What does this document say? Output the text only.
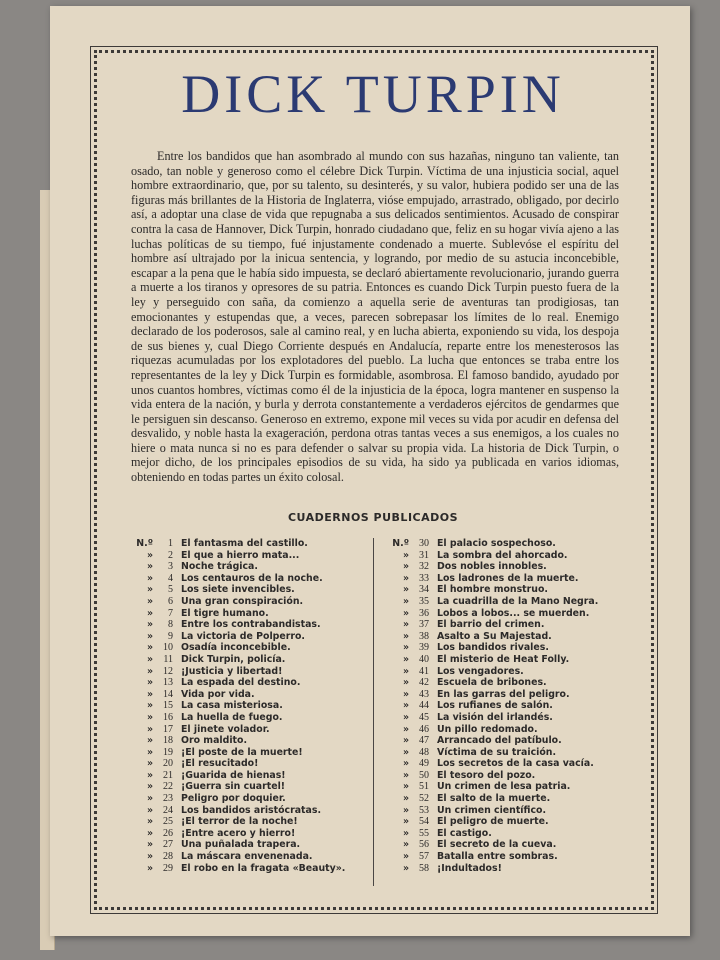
DICK TURPIN

Entre los bandidos que han asombrado al mundo con sus hazañas, ninguno tan valiente, tan osado, tan noble y generoso como el célebre Dick Turpin. Víctima de una injusticia social, aquel hombre extraordinario, que, por su talento, su desinterés, y su valor, hubiera podido ser una de las figuras más brillantes de la Historia de Inglaterra, vióse empujado, arrastrado, obligado, por decirlo así, a adoptar una clase de vida que repugnaba a sus delicados sentimientos. Acusado de conspirar contra la casa de Hannover, Dick Turpin, honrado ciudadano que, feliz en su hogar vivía ajeno a las luchas políticas de su tiempo, fué injustamente condenado a muerte. Sublevóse el espíritu del hombre así ultrajado por la inicua sentencia, y logrando, por medio de su astucia inconcebible, escapar a la pena que le había sido impuesta, se declaró abiertamente revolucionario, jurando guerra a muerte a los tiranos y opresores de su patria. Entonces es cuando Dick Turpin puesto fuera de la ley y perseguido con saña, da comienzo a aquella serie de aventuras tan prodigiosas, tan emocionantes y estupendas que, a veces, parecen sobrepasar los límites de lo real. Enemigo declarado de los poderosos, sale al camino real, y en lucha abierta, exponiendo su vida, los despoja de sus bienes y, cual Diego Corriente después en Andalucía, reparte entre los menesterosos las riquezas acumuladas por los explotadores del pueblo. La lucha que entonces se traba entre los representantes de la ley y Dick Turpin es formidable, asombrosa. El famoso bandido, ayudado por unos cuantos hombres, víctimas como él de la injusticia de la época, logra mantener en suspenso la vida entera de la nación, y burla y derrota constantemente a verdaderos ejércitos de gendarmes que le persiguen sin descanso. Generoso en extremo, expone mil veces su vida por acudir en defensa del desvalido, y noble hasta la exageración, perdona otras tantas veces a sus enemigos, a los cuales no hiere o mata nunca si no es para defender o salvar su propia vida. La historia de Dick Turpin, o mejor dicho, de los principales episodios de su vida, ha sido ya publicada en varios idiomas, obteniendo en todas partes un éxito colosal.

CUADERNOS PUBLICADOS
N.º	1 El fantasma del castillo.
»	2 El que a hierro mata...
»	3 Noche trágica.
»	4 Los centauros de la noche.
»	5 Los siete invencibles.
»	6 Una gran conspiración.
»	7 El tigre humano.
»	8 Entre los contrabandistas.
»	9 La victoria de Polperro.
»	10 Osadía inconcebible.
»	11 Dick Turpin, policía.
»	12 ¡Justicia y libertad!
»	13 La espada del destino.
»	14 Vida por vida.
»	15 La casa misteriosa.
»	16 La huella de fuego.
»	17 El jinete volador.
»	18 Oro maldito.
»	19 ¡El poste de la muerte!
»	20 ¡El resucitado!
»	21 ¡Guarida de hienas!
»	22 ¡Guerra sin cuartel!
»	23 Peligro por doquier.
»	24 Los bandidos aristócratas.
»	25 ¡El terror de la noche!
»	26 ¡Entre acero y hierro!
»	27 Una puñalada trapera.
»	28 La máscara envenenada.
»	29 El robo en la fragata «Beauty».
N.º	30 El palacio sospechoso.
»	31 La sombra del ahorcado.
»	32 Dos nobles innobles.
»	33 Los ladrones de la muerte.
»	34 El hombre monstruo.
»	35 La cuadrilla de la Mano Negra.
»	36 Lobos a lobos... se muerden.
»	37 El barrio del crimen.
»	38 Asalto a Su Majestad.
»	39 Los bandidos rivales.
»	40 El misterio de Heat Folly.
»	41 Los vengadores.
»	42 Escuela de bribones.
»	43 En las garras del peligro.
»	44 Los rufianes de salón.
»	45 La visión del irlandés.
»	46 Un pillo redomado.
»	47 Arrancado del patíbulo.
»	48 Víctima de su traición.
»	49 Los secretos de la casa vacía.
»	50 El tesoro del pozo.
»	51 Un crimen de lesa patria.
»	52 El salto de la muerte.
»	53 Un crimen científico.
»	54 El peligro de muerte.
»	55 El castigo.
»	56 El secreto de la cueva.
»	57 Batalla entre sombras.
»	58 ¡Indultados!
